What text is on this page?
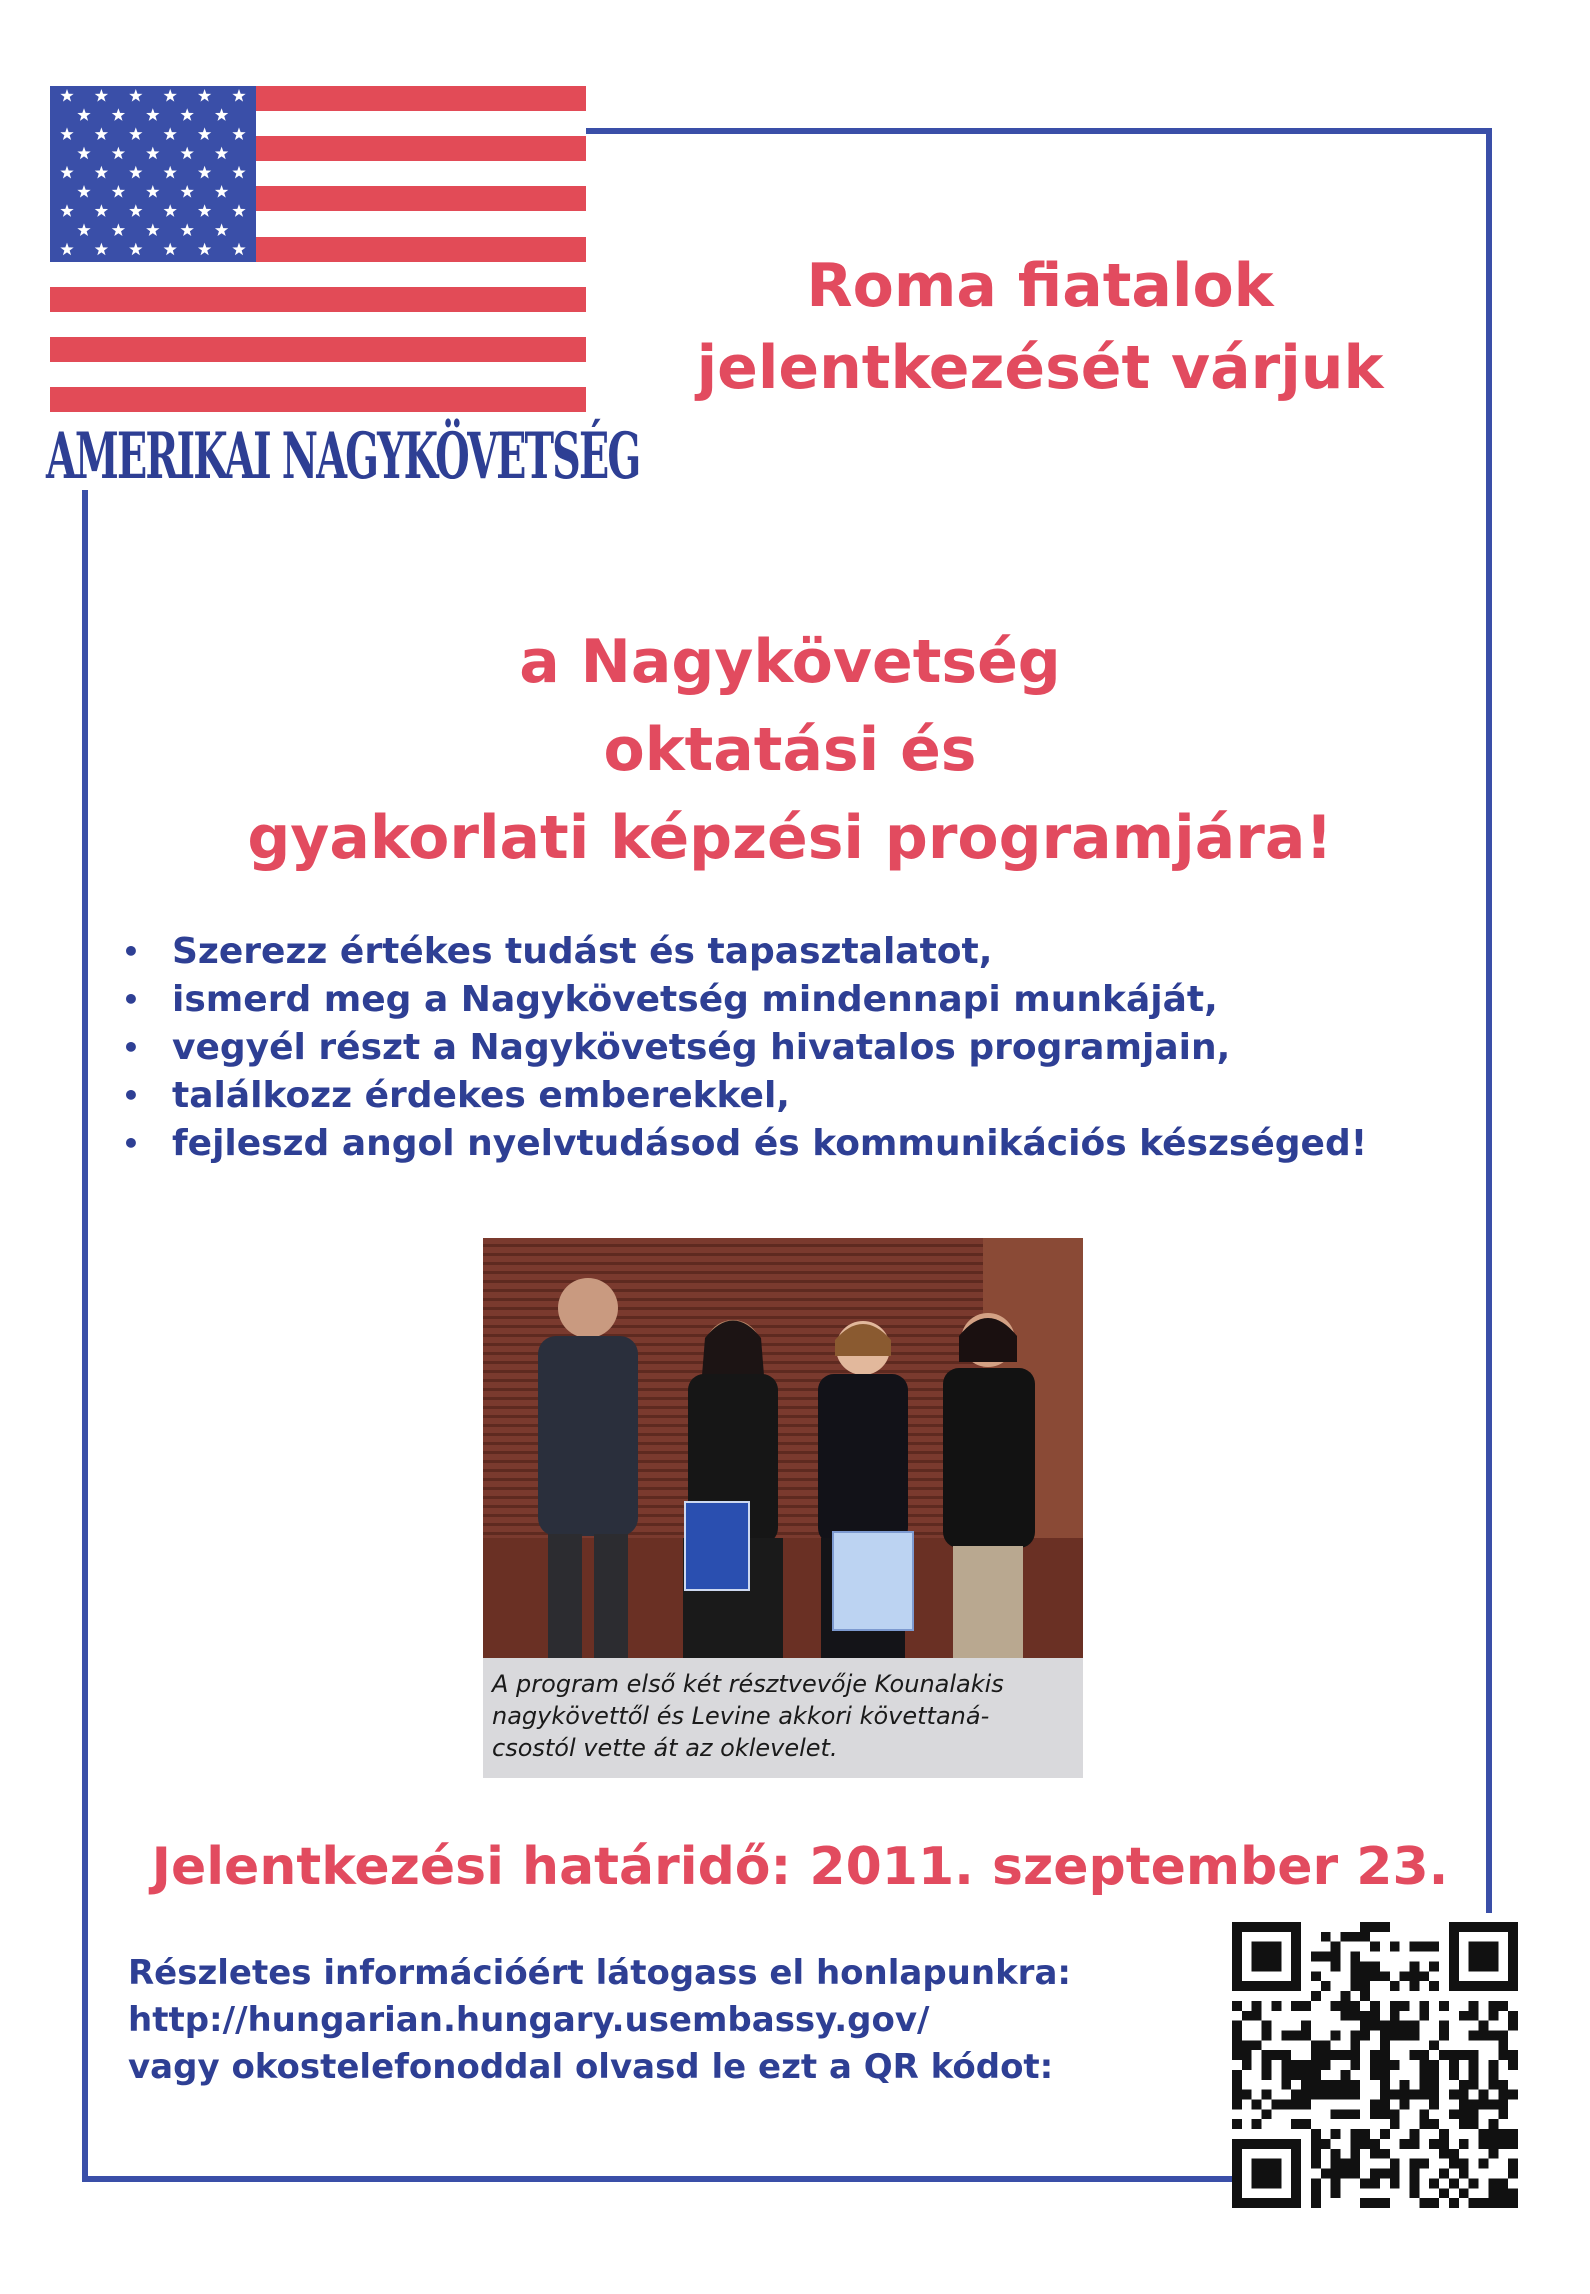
AMERIKAI NAGYKÖVETSÉG
Roma fiatalok
jelentkezését várjuk
a Nagykövetség
oktatási és
gyakorlati képzési programjára!
• Szerezz értékes tudást és tapasztalatot,
• ismerd meg a Nagykövetség mindennapi munkáját,
• vegyél részt a Nagykövetség hivatalos programjain,
• találkozz érdekes emberekkel,
• fejleszd angol nyelvtudásod és kommunikációs készséged!
A program első két résztvevője Kounalakis
nagykövettől és Levine akkori követtaná-
csostól vette át az oklevelet.
Jelentkezési határidő: 2011. szeptember 23.
Részletes információért látogass el honlapunkra:
http://hungarian.hungary.usembassy.gov/
vagy okostelefonoddal olvasd le ezt a QR kódot:
